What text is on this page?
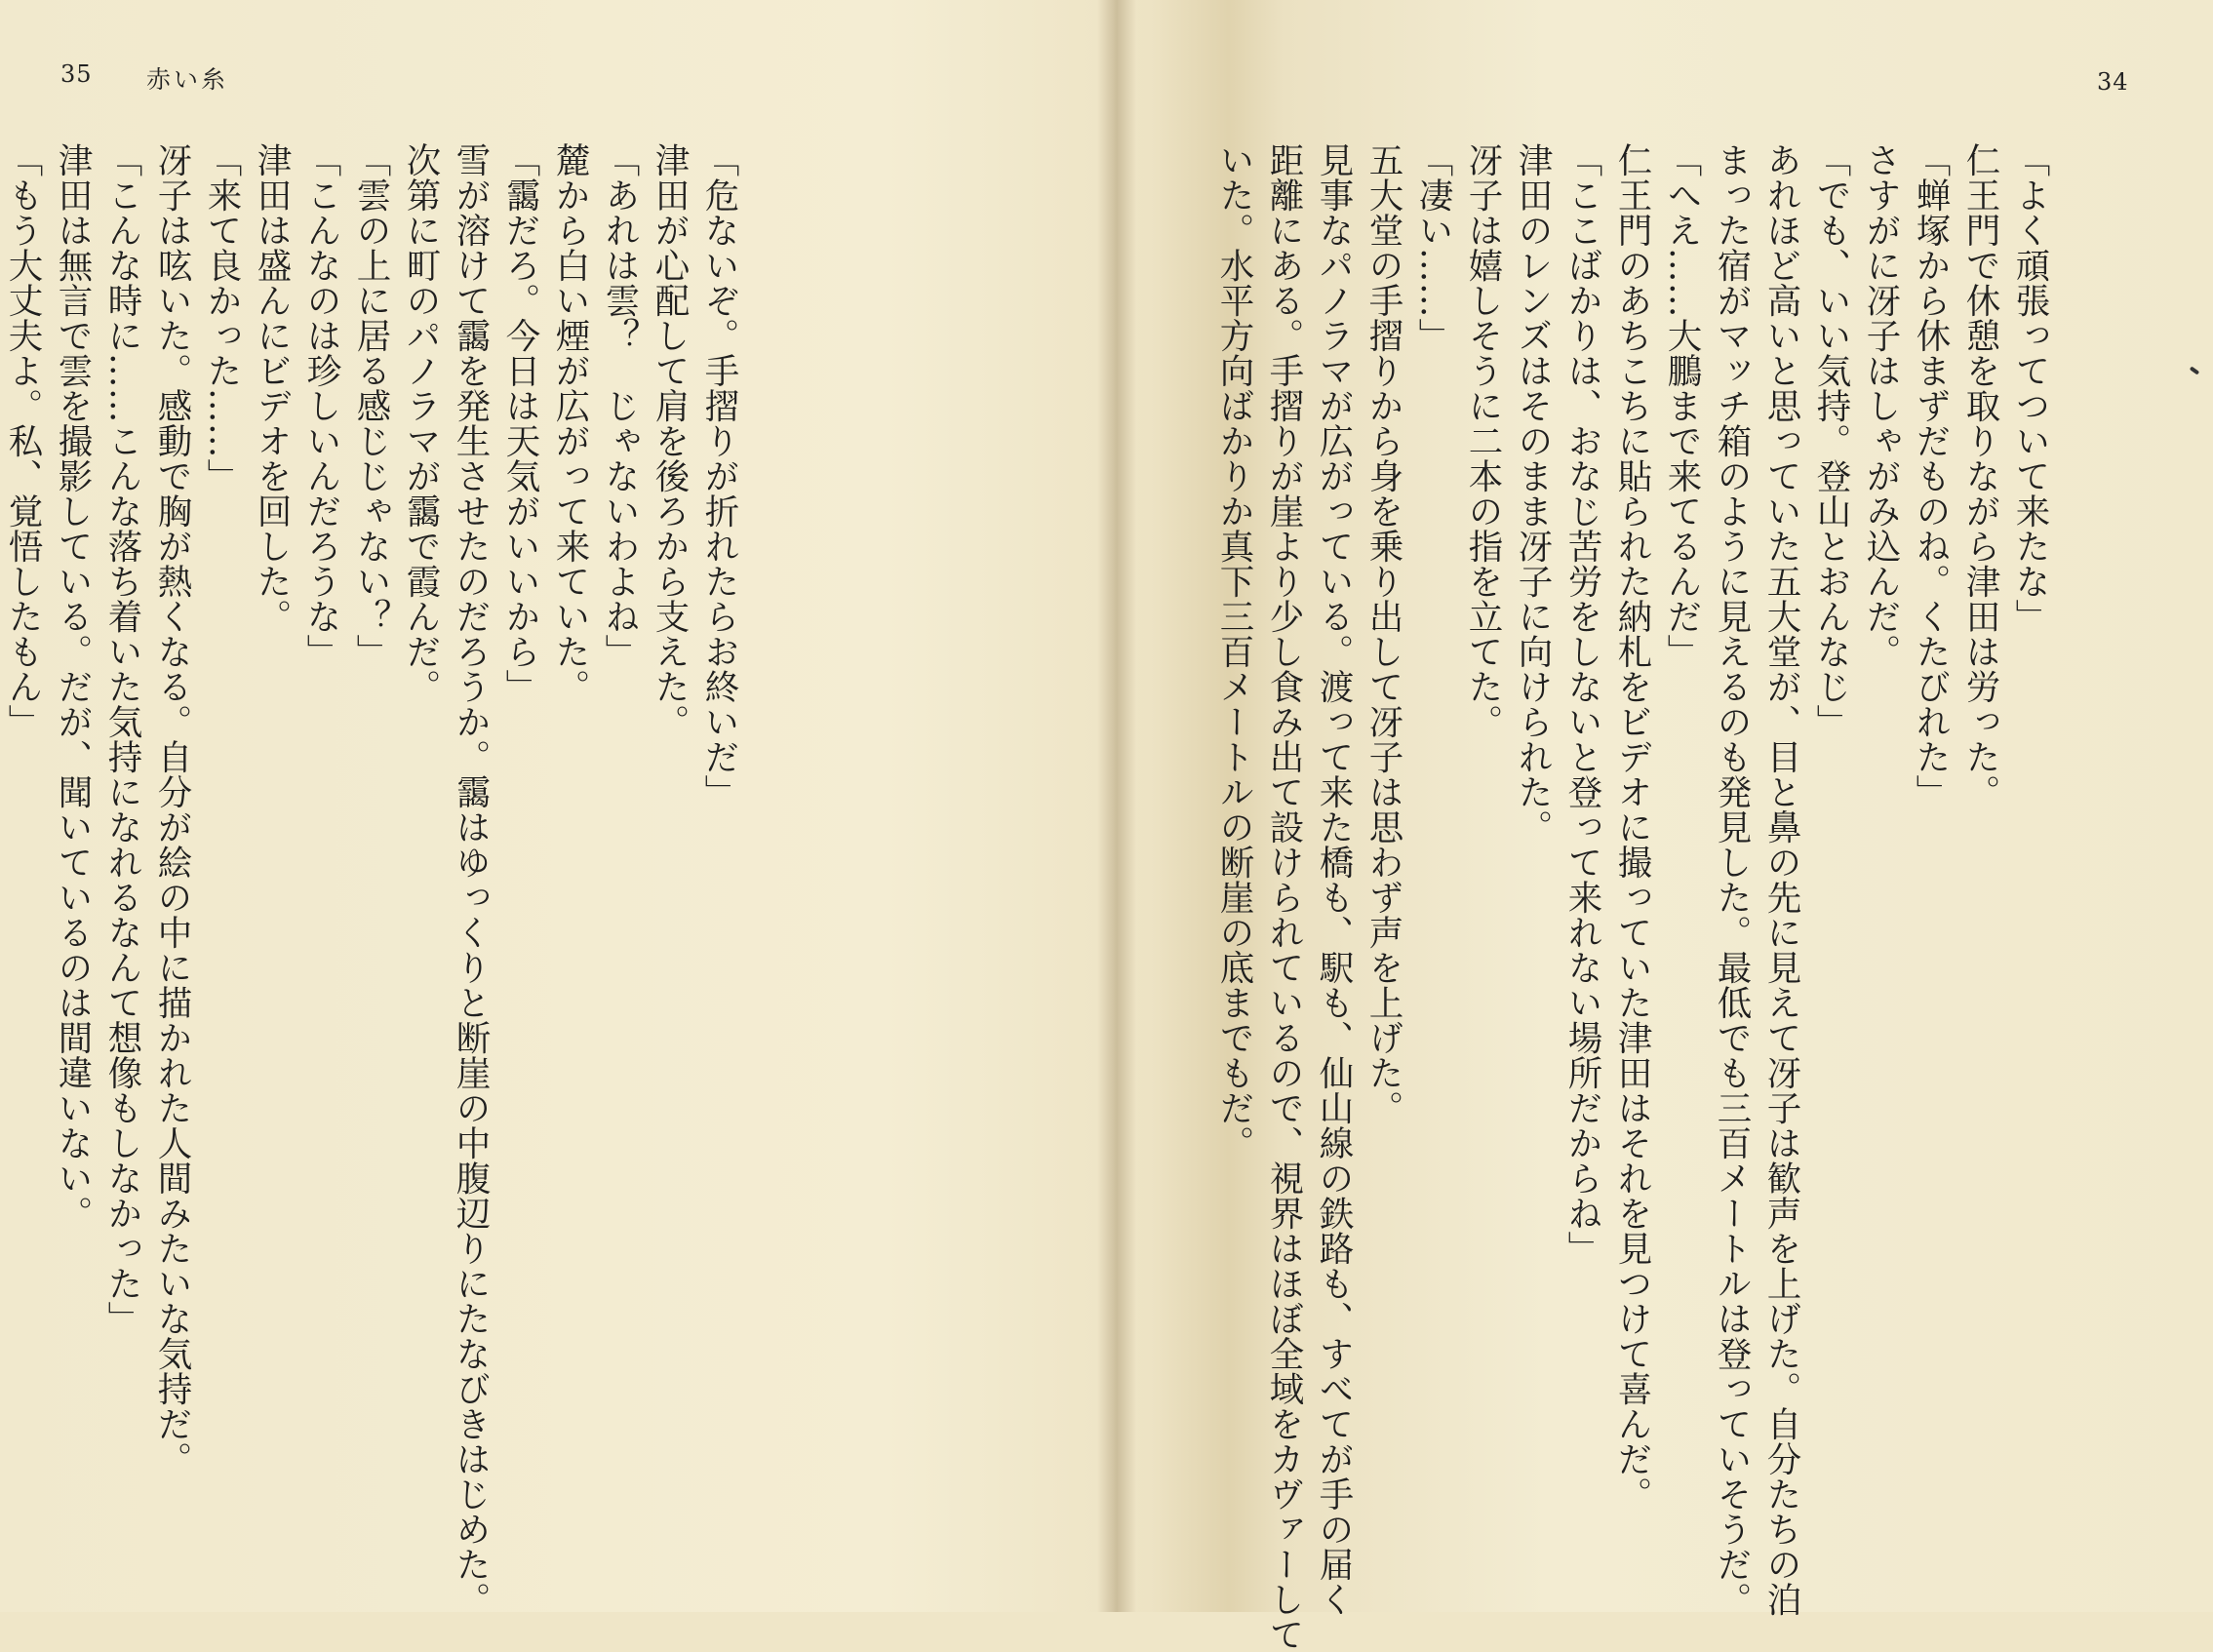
35 赤い糸
「危ないぞ。手摺りが折れたらお終いだ」
津田が心配して肩を後ろから支えた。
「あれは雲？　じゃないわよね」
麓から白い煙が広がって来ていた。
「靄だろ。今日は天気がいいから」
雪が溶けて靄を発生させたのだろうか。靄はゆっくりと断崖の中腹辺りにたなびきはじめた。
次第に町のパノラマが靄で霞んだ。
「雲の上に居る感じじゃない？」
「こんなのは珍しいんだろうな」
津田は盛んにビデオを回した。
「来て良かった……」
冴子は呟いた。感動で胸が熱くなる。自分が絵の中に描かれた人間みたいな気持だ。
「こんな時に……こんな落ち着いた気持になれるなんて想像もしなかった」
津田は無言で雲を撮影している。だが、聞いているのは間違いない。
「もう大丈夫よ。私、覚悟したもん」
34
「よく頑張ってついて来たな」
仁王門で休憩を取りながら津田は労った。
「蝉塚から休まずだものね。くたびれた」
さすがに冴子はしゃがみ込んだ。
「でも、いい気持。登山とおんなじ」
あれほど高いと思っていた五大堂が、目と鼻の先に見えて冴子は歓声を上げた。自分たちの泊
まった宿がマッチ箱のように見えるのも発見した。最低でも三百メートルは登っていそうだ。
「へえ……大鵬まで来てるんだ」
仁王門のあちこちに貼られた納札をビデオに撮っていた津田はそれを見つけて喜んだ。
「ここばかりは、おなじ苦労をしないと登って来れない場所だからね」
津田のレンズはそのまま冴子に向けられた。
冴子は嬉しそうに二本の指を立てた。
「凄い……」
五大堂の手摺りから身を乗り出して冴子は思わず声を上げた。
見事なパノラマが広がっている。渡って来た橋も、駅も、仙山線の鉄路も、すべてが手の届く
距離にある。手摺りが崖より少し食み出て設けられているので、視界はほぼ全域をカヴァーして
いた。水平方向ばかりか真下三百メートルの断崖の底までもだ。
